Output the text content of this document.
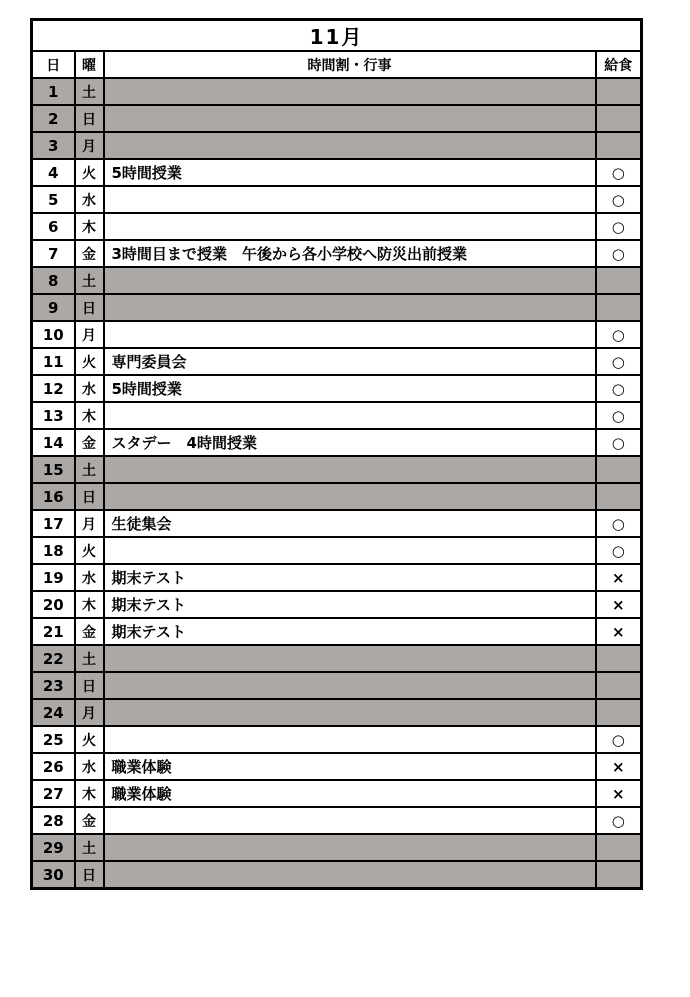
11月			
日	曜	時間割・行事	給食
1	土		
2	日		
3	月		
4	火	5時間授業	○
5	水		○
6	木		○
7	金	3時間目まで授業　午後から各小学校へ防災出前授業	○
8	土		
9	日		
10	月		○
11	火	専門委員会	○
12	水	5時間授業	○
13	木		○
14	金	スタデー　4時間授業	○
15	土		
16	日		
17	月	生徒集会	○
18	火		○
19	水	期末テスト	×
20	木	期末テスト	×
21	金	期末テスト	×
22	土		
23	日		
24	月		
25	火		○
26	水	職業体験	×
27	木	職業体験	×
28	金		○
29	土		
30	日		
